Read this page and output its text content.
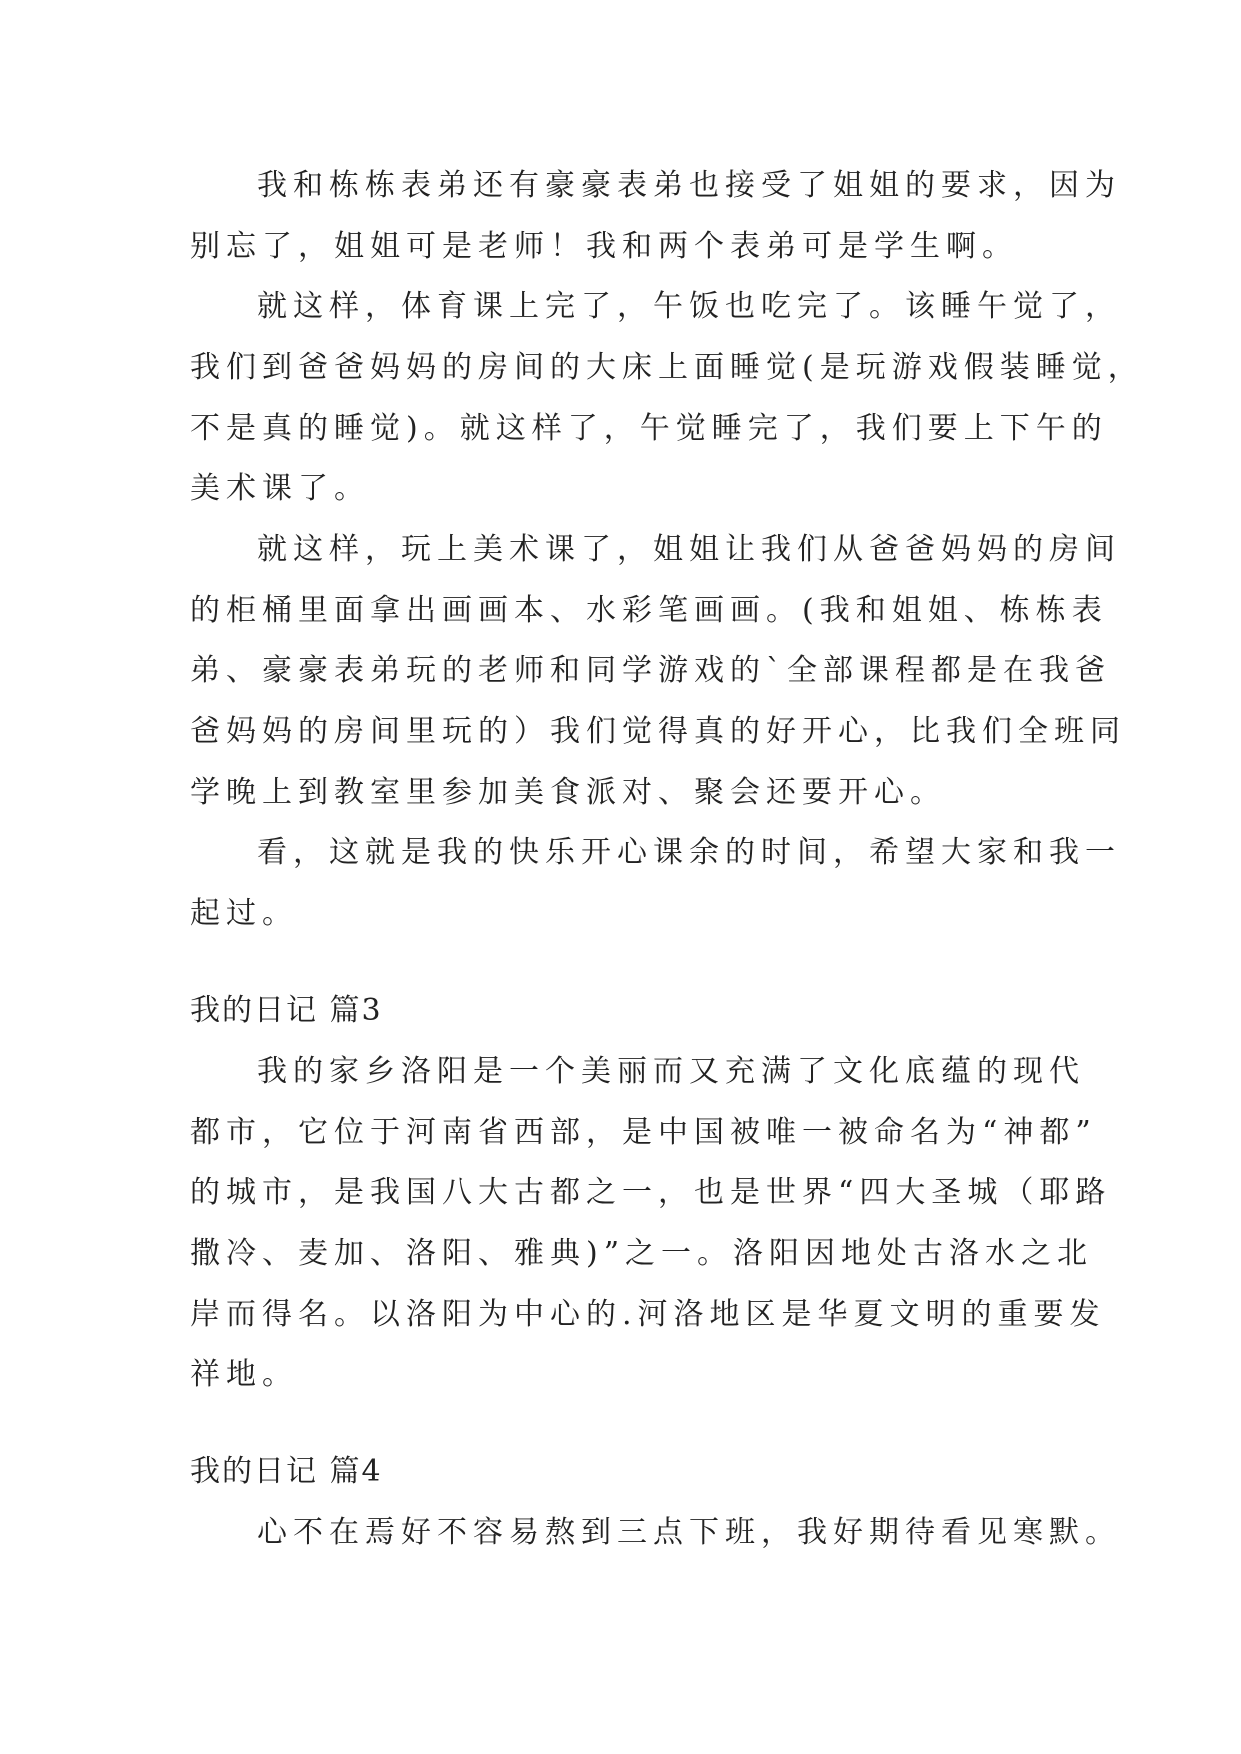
我和栋栋表弟还有豪豪表弟也接受了姐姐的要求，因为
别忘了，姐姐可是老师！我和两个表弟可是学生啊。
就这样，体育课上完了，午饭也吃完了。该睡午觉了，
我们到爸爸妈妈的房间的大床上面睡觉(是玩游戏假装睡觉，
不是真的睡觉)。就这样了，午觉睡完了，我们要上下午的
美术课了。
就这样，玩上美术课了，姐姐让我们从爸爸妈妈的房间
的柜桶里面拿出画画本、水彩笔画画。(我和姐姐、栋栋表
弟、豪豪表弟玩的老师和同学游戏的`全部课程都是在我爸
爸妈妈的房间里玩的）我们觉得真的好开心，比我们全班同
学晚上到教室里参加美食派对、聚会还要开心。
看，这就是我的快乐开心课余的时间，希望大家和我一
起过。
我的日记 篇3
我的家乡洛阳是一个美丽而又充满了文化底蕴的现代
都市，它位于河南省西部，是中国被唯一被命名为“神都”
的城市，是我国八大古都之一，也是世界“四大圣城（耶路
撒冷、麦加、洛阳、雅典)”之一。洛阳因地处古洛水之北
岸而得名。以洛阳为中心的.河洛地区是华夏文明的重要发
祥地。
我的日记 篇4
心不在焉好不容易熬到三点下班，我好期待看见寒默。
